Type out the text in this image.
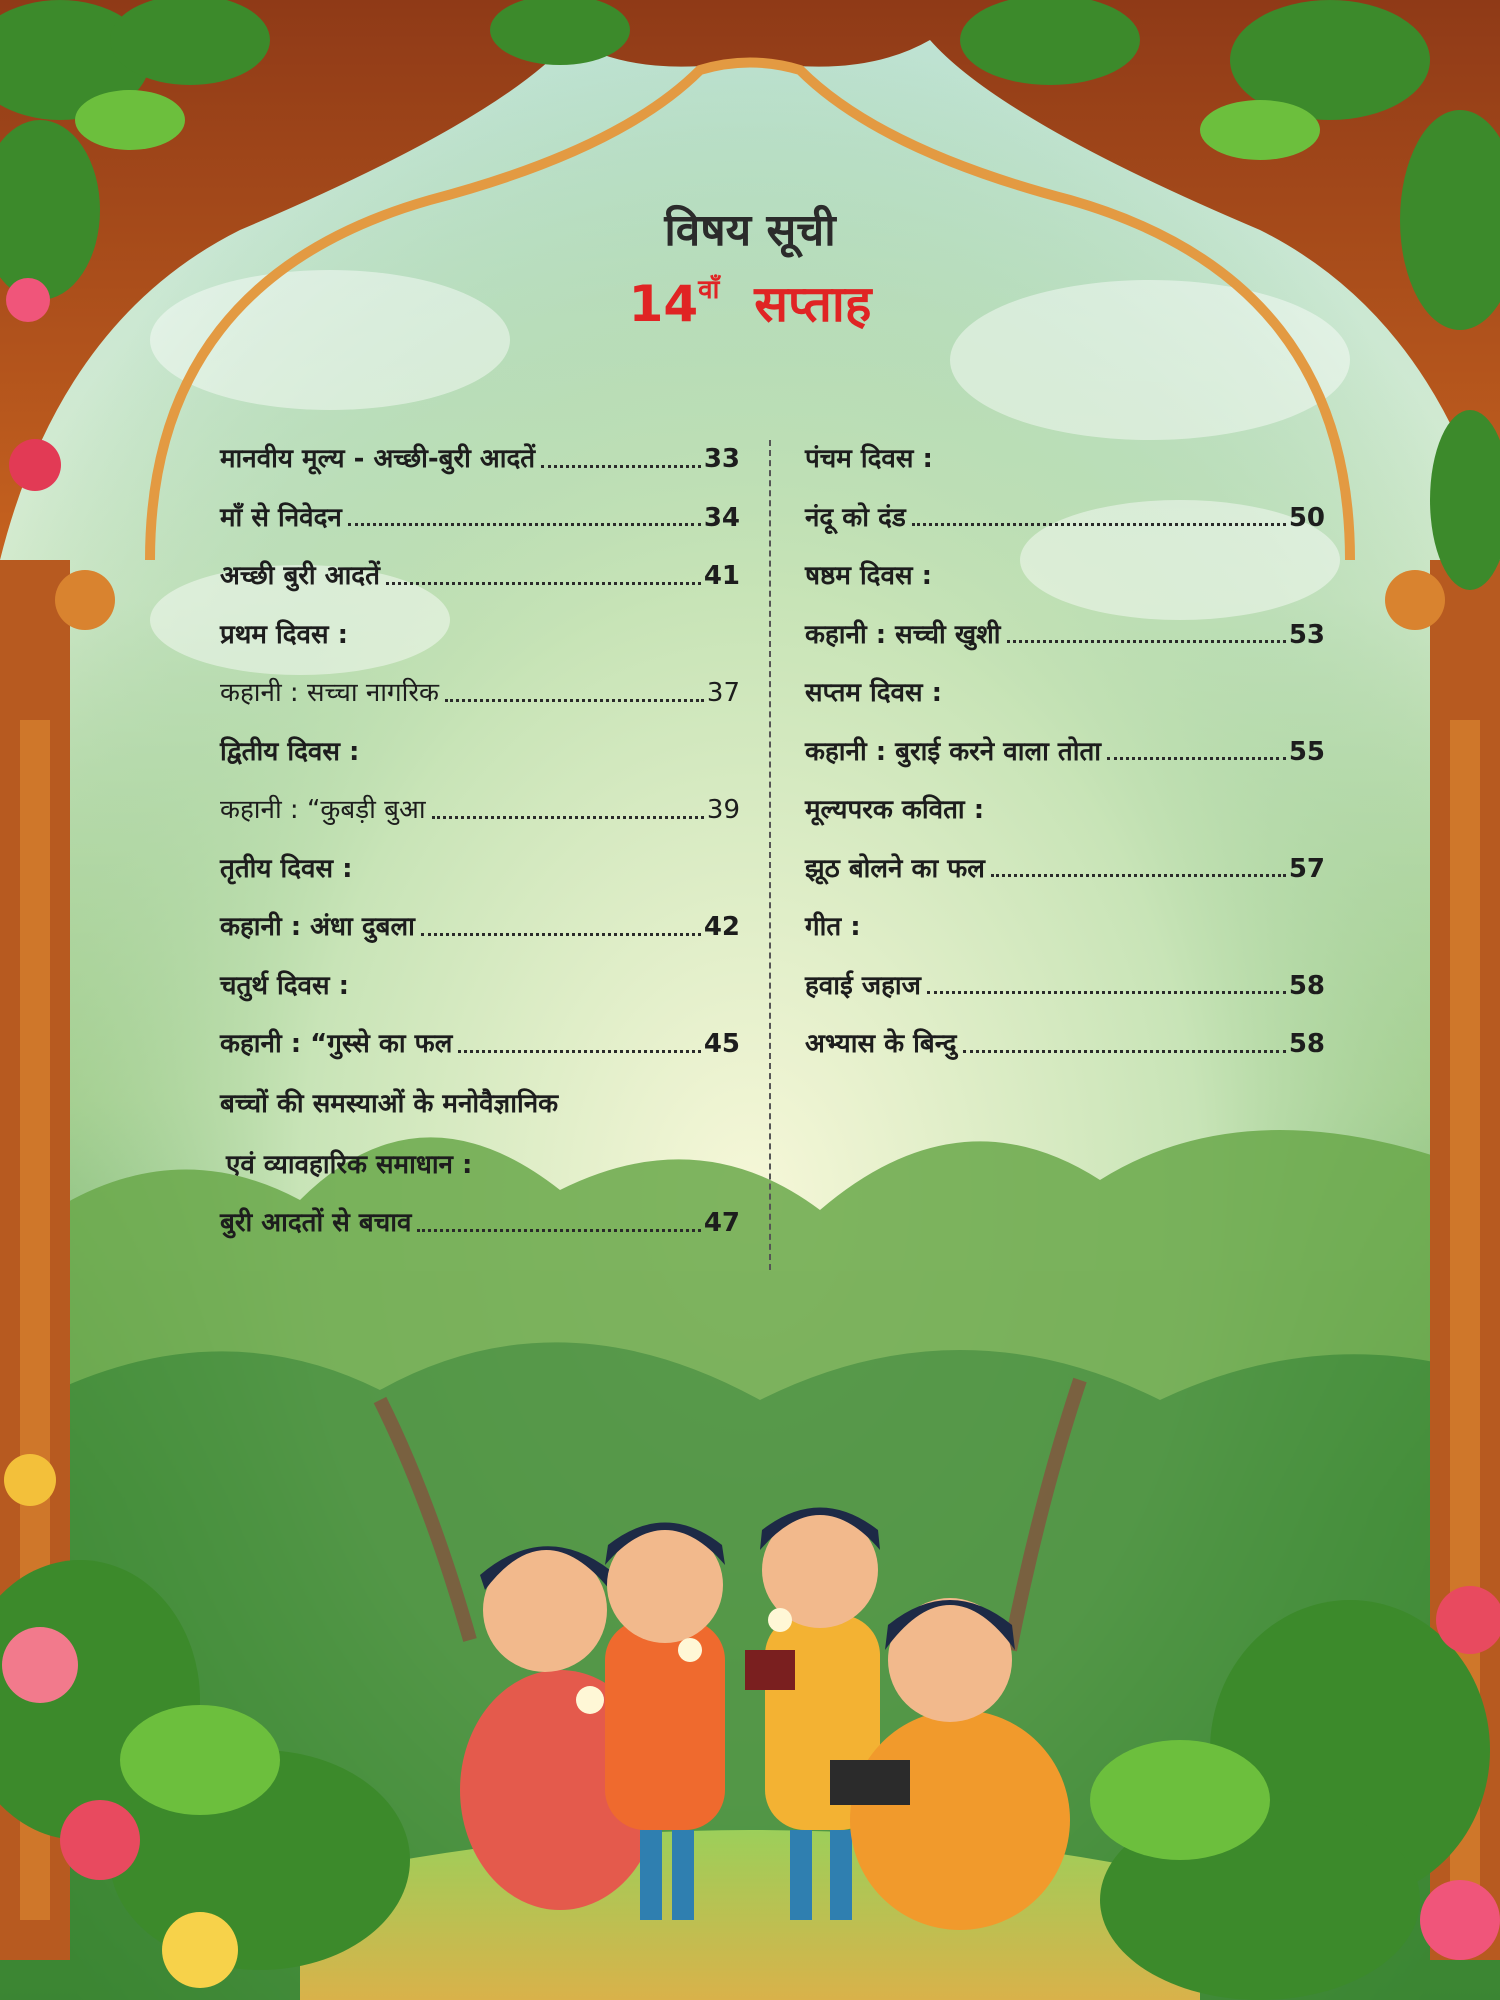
विषय सूची
$14^{वाँ}$ सप्ताह
मानवीय मूल्य - अच्छी-बुरी आदतें	33
माँ से निवेदन	34
अच्छी बुरी आदतें	41
प्रथम दिवस :
कहानी : सच्चा नागरिक	37
द्वितीय दिवस :
कहानी : “कुबड़ी बुआ	39
तृतीय दिवस :
कहानी : अंधा दुबला	42
चतुर्थ दिवस :
कहानी : “गुस्से का फल	45
बच्चों की समस्याओं के मनोवैज्ञानिक
एवं व्यावहारिक समाधान :
बुरी आदतों से बचाव	47
पंचम दिवस :
नंदू को दंड	50
षष्ठम दिवस :
कहानी : सच्ची खुशी	53
सप्तम दिवस :
कहानी : बुराई करने वाला तोता	55
मूल्यपरक कविता :
झूठ बोलने का फल	57
गीत :
हवाई जहाज	58
अभ्यास के बिन्दु	58
